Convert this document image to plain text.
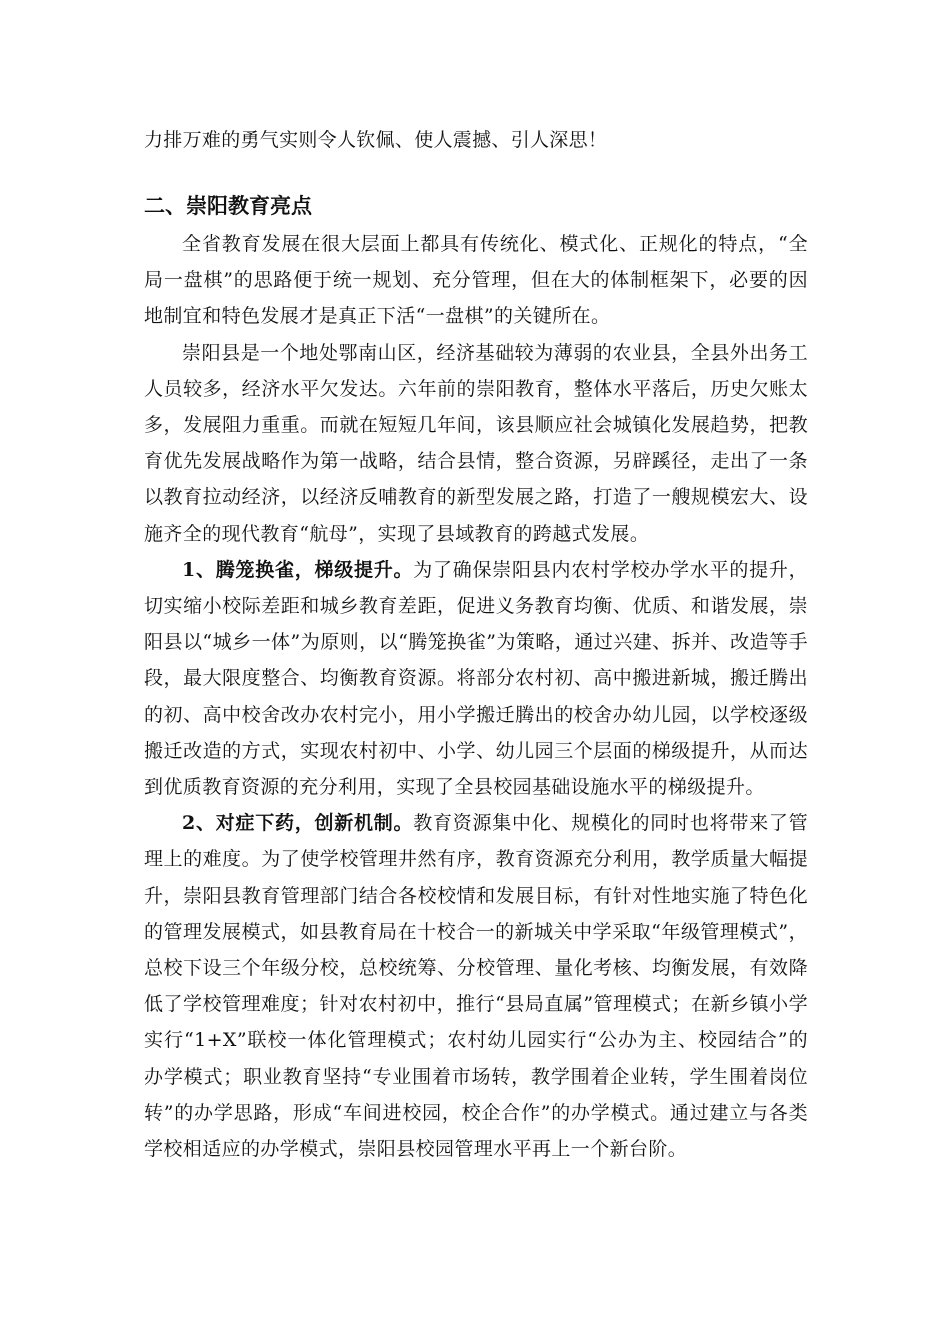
力排万难的勇气实则令人钦佩、使人震撼、引人深思！
二、崇阳教育亮点

全省教育发展在很大层面上都具有传统化、模式化、正规化的特点，“全局一盘棋”的思路便于统一规划、充分管理，但在大的体制框架下，必要的因地制宜和特色发展才是真正下活“一盘棋”的关键所在。

崇阳县是一个地处鄂南山区，经济基础较为薄弱的农业县，全县外出务工人员较多，经济水平欠发达。六年前的崇阳教育，整体水平落后，历史欠账太多，发展阻力重重。而就在短短几年间，该县顺应社会城镇化发展趋势，把教育优先发展战略作为第一战略，结合县情，整合资源，另辟蹊径，走出了一条以教育拉动经济，以经济反哺教育的新型发展之路，打造了一艘规模宏大、设施齐全的现代教育“航母”，实现了县域教育的跨越式发展。

1、腾笼换雀，梯级提升。为了确保崇阳县内农村学校办学水平的提升，切实缩小校际差距和城乡教育差距，促进义务教育均衡、优质、和谐发展，崇阳县以“城乡一体”为原则，以“腾笼换雀”为策略，通过兴建、拆并、改造等手段，最大限度整合、均衡教育资源。将部分农村初、高中搬进新城，搬迁腾出的初、高中校舍改办农村完小，用小学搬迁腾出的校舍办幼儿园，以学校逐级搬迁改造的方式，实现农村初中、小学、幼儿园三个层面的梯级提升，从而达到优质教育资源的充分利用，实现了全县校园基础设施水平的梯级提升。

2、对症下药，创新机制。教育资源集中化、规模化的同时也将带来了管理上的难度。为了使学校管理井然有序，教育资源充分利用，教学质量大幅提升，崇阳县教育管理部门结合各校校情和发展目标，有针对性地实施了特色化的管理发展模式，如县教育局在十校合一的新城关中学采取“年级管理模式”，总校下设三个年级分校，总校统筹、分校管理、量化考核、均衡发展，有效降低了学校管理难度；针对农村初中，推行“县局直属”管理模式；在新乡镇小学实行“1+X”联校一体化管理模式；农村幼儿园实行“公办为主、校园结合”的办学模式；职业教育坚持“专业围着市场转，教学围着企业转，学生围着岗位转”的办学思路，形成“车间进校园，校企合作”的办学模式。通过建立与各类学校相适应的办学模式，崇阳县校园管理水平再上一个新台阶。
